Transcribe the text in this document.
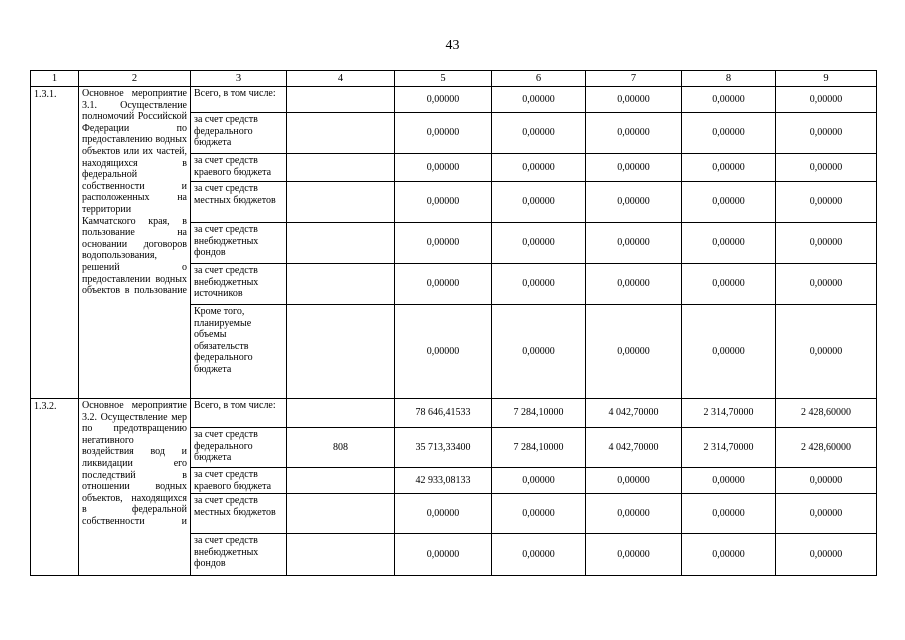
43
1	2	3	4	5	6	7	8	9
1.3.1.	Основное мероприятие 3.1. Осуществление полномочий Российской Федерации по предоставлению водных объектов или их частей, находящихся в федеральной собственности и расположенных на территории Камчатского края, в пользование на основании договоров водопользования, решений о предоставлении водных объектов в пользование	Всего, в том числе:		0,00000	0,00000	0,00000	0,00000	0,00000
		за счет средств федерального бюджета		0,00000	0,00000	0,00000	0,00000	0,00000
		за счет средств краевого бюджета		0,00000	0,00000	0,00000	0,00000	0,00000
		за счет средств местных бюджетов		0,00000	0,00000	0,00000	0,00000	0,00000
		за счет средств внебюджетных фондов		0,00000	0,00000	0,00000	0,00000	0,00000
		за счет средств внебюджетных источников		0,00000	0,00000	0,00000	0,00000	0,00000
		Кроме того, планируемые объемы обязательств федерального бюджета		0,00000	0,00000	0,00000	0,00000	0,00000
1.3.2.	Основное мероприятие 3.2. Осуществление мер по предотвращению негативного воздействия вод и ликвидации его последствий в отношении водных объектов, находящихся в федеральной собственности и	Всего, в том числе:		78 646,41533	7 284,10000	4 042,70000	2 314,70000	2 428,60000
		за счет средств федерального бюджета	808	35 713,33400	7 284,10000	4 042,70000	2 314,70000	2 428,60000
		за счет средств краевого бюджета		42 933,08133	0,00000	0,00000	0,00000	0,00000
		за счет средств местных бюджетов		0,00000	0,00000	0,00000	0,00000	0,00000
		за счет средств внебюджетных фондов		0,00000	0,00000	0,00000	0,00000	0,00000
